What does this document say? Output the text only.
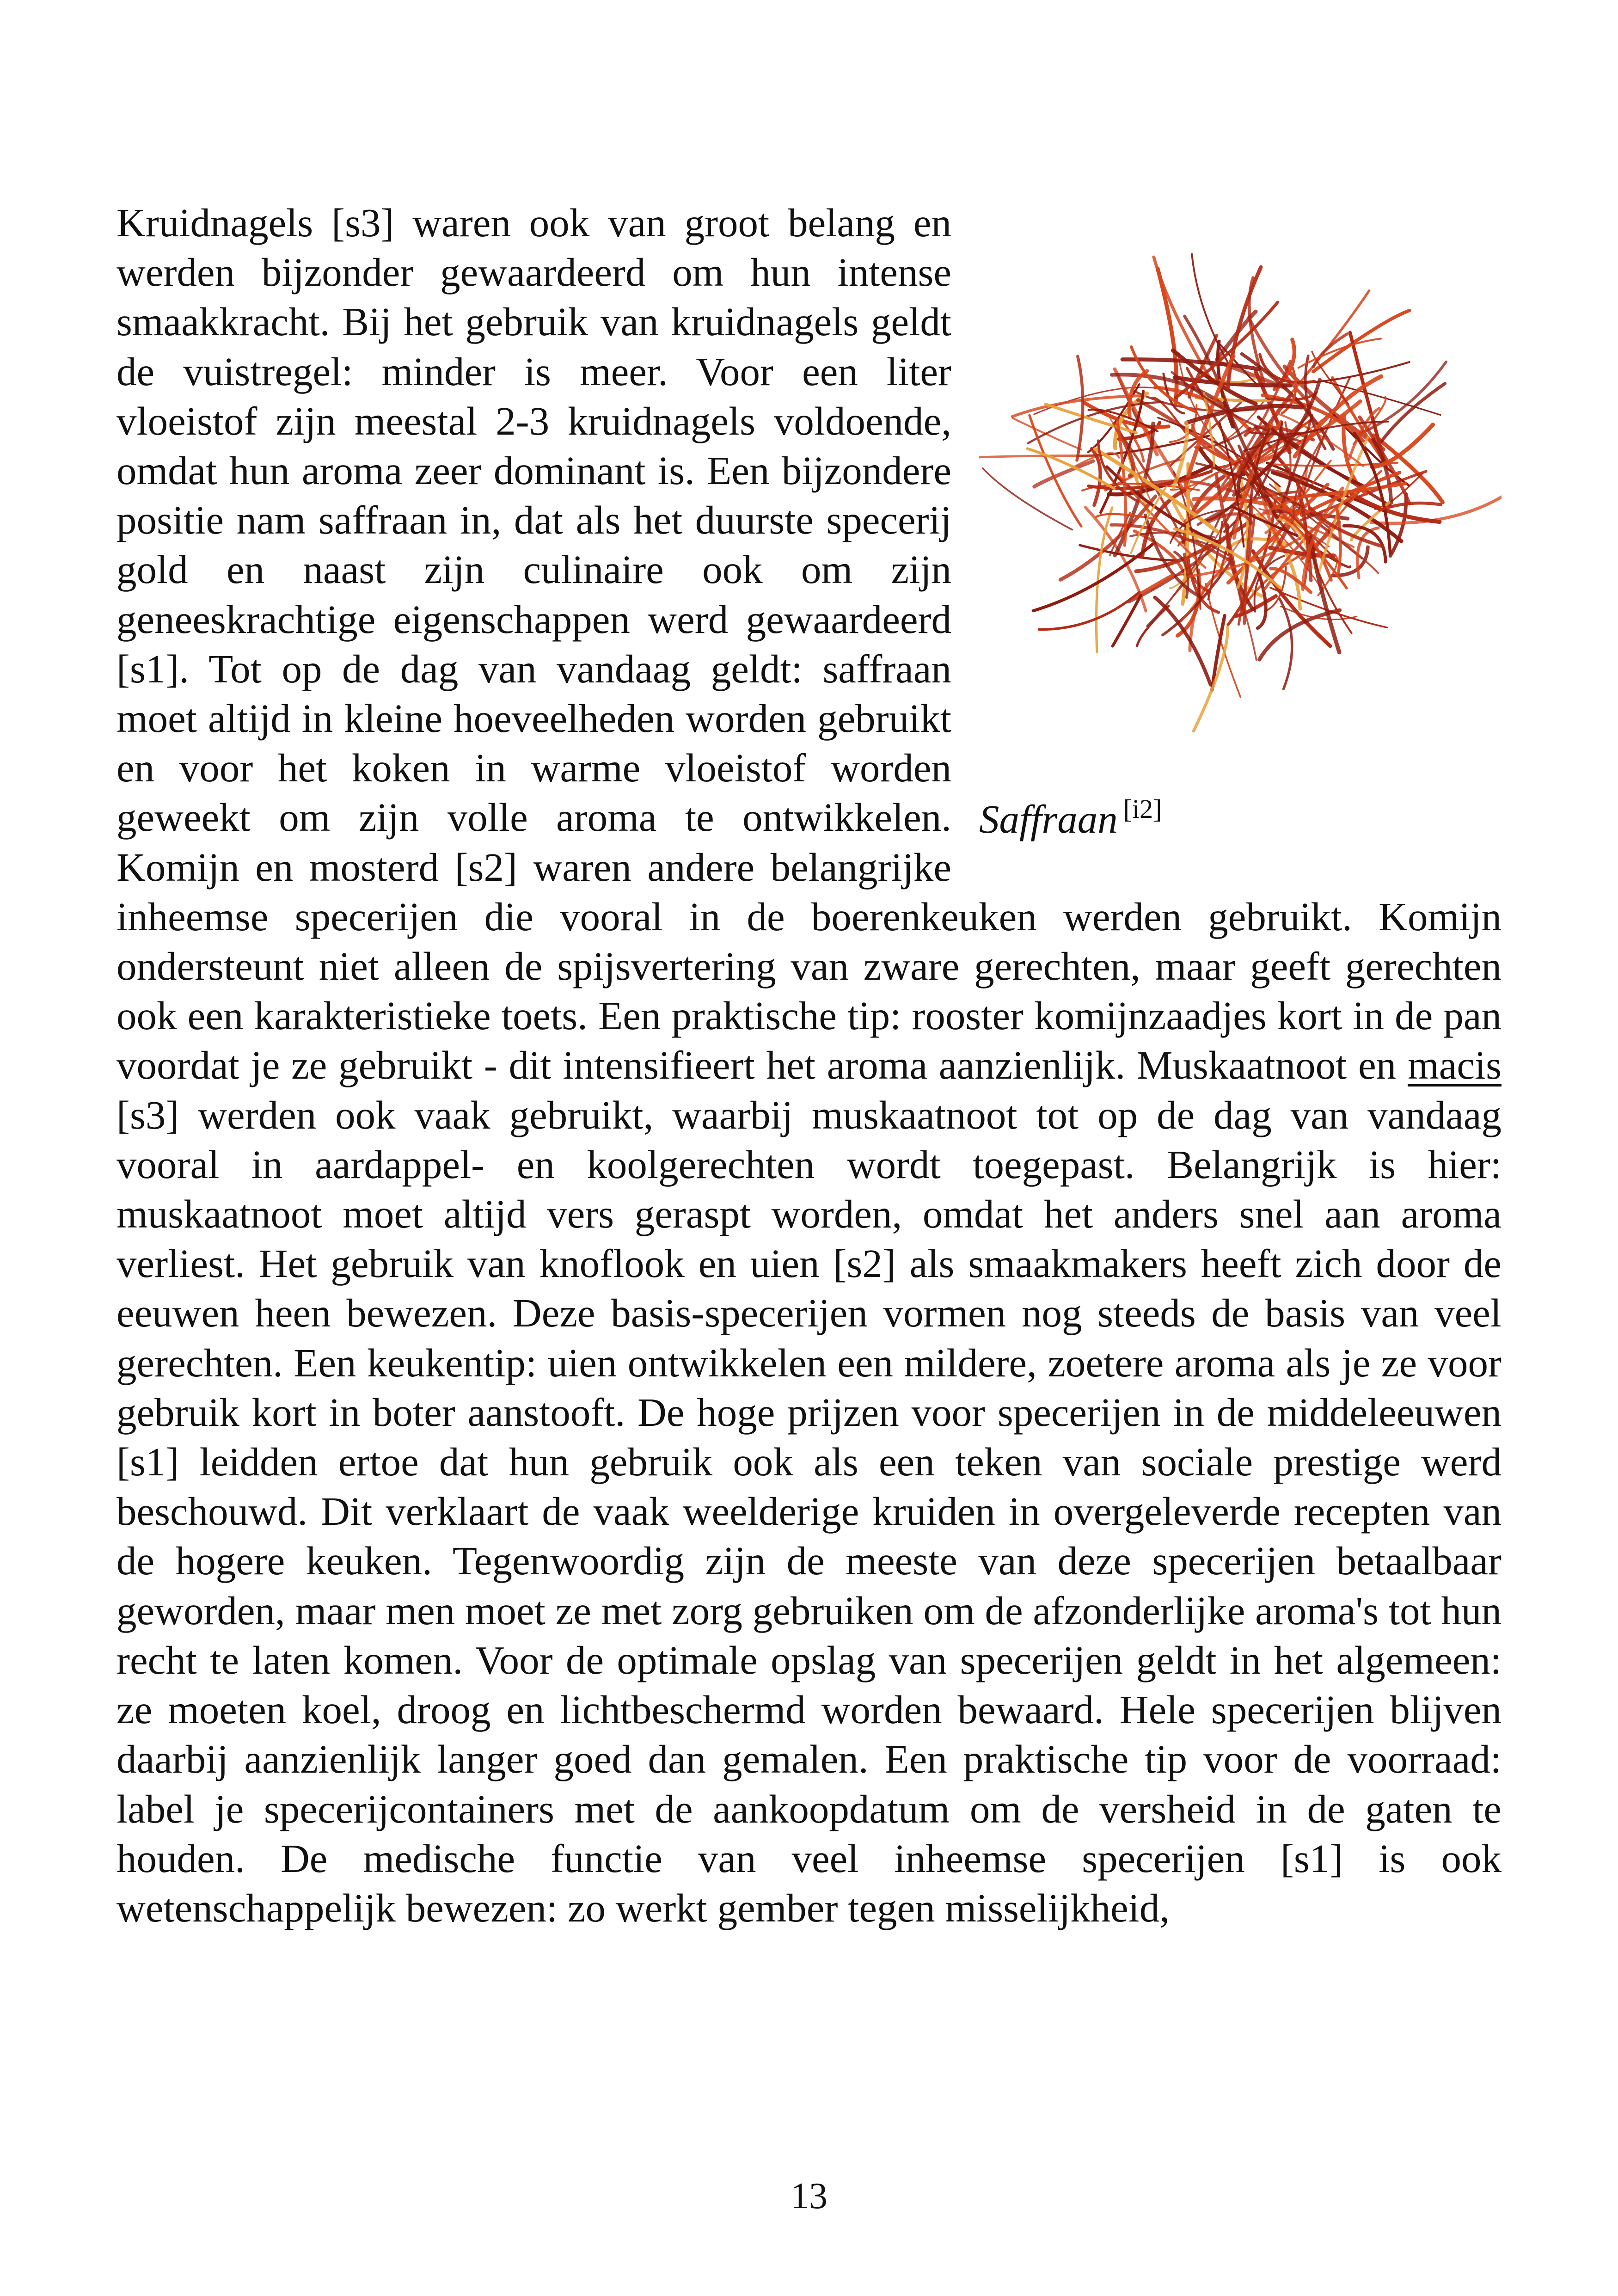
Saffraan [i2]

Kruidnagels [s3] waren ook van groot belang en werden bijzonder gewaardeerd om hun intense smaakkracht. Bij het gebruik van kruidnagels geldt de vuistregel: minder is meer. Voor een liter vloeistof zijn meestal 2-3 kruidnagels voldoende, omdat hun aroma zeer dominant is. Een bijzondere positie nam saffraan in, dat als het duurste specerij gold en naast zijn culinaire ook om zijn geneeskrachtige eigenschappen werd gewaardeerd [s1]. Tot op de dag van vandaag geldt: saffraan moet altijd in kleine hoeveelheden worden gebruikt en voor het koken in warme vloeistof worden geweekt om zijn volle aroma te ontwikkelen. Komijn en mosterd [s2] waren andere belangrijke inheemse specerijen die vooral in de boerenkeuken werden gebruikt. Komijn ondersteunt niet alleen de spijsvertering van zware gerechten, maar geeft gerechten ook een karakteristieke toets. Een praktische tip: rooster komijnzaadjes kort in de pan voordat je ze gebruikt - dit intensifieert het aroma aanzienlijk. Muskaatnoot en macis [s3] werden ook vaak gebruikt, waarbij muskaatnoot tot op de dag van vandaag vooral in aardappel- en koolgerechten wordt toegepast. Belangrijk is hier: muskaatnoot moet altijd vers geraspt worden, omdat het anders snel aan aroma verliest. Het gebruik van knoflook en uien [s2] als smaakmakers heeft zich door de eeuwen heen bewezen. Deze basis-specerijen vormen nog steeds de basis van veel gerechten. Een keukentip: uien ontwikkelen een mildere, zoetere aroma als je ze voor gebruik kort in boter aanstooft. De hoge prijzen voor specerijen in de middeleeuwen [s1] leidden ertoe dat hun gebruik ook als een teken van sociale prestige werd beschouwd. Dit verklaart de vaak weelderige kruiden in overgeleverde recepten van de hogere keuken. Tegenwoordig zijn de meeste van deze specerijen betaalbaar geworden, maar men moet ze met zorg gebruiken om de afzonderlijke aroma's tot hun recht te laten komen. Voor de optimale opslag van specerijen geldt in het algemeen: ze moeten koel, droog en lichtbeschermd worden bewaard. Hele specerijen blijven daarbij aanzienlijk langer goed dan gemalen. Een praktische tip voor de voorraad: label je specerijcontainers met de aankoopdatum om de versheid in de gaten te houden. De medische functie van veel inheemse specerijen [s1] is ook wetenschappelijk bewezen: zo werkt gember tegen misselijkheid,

13
